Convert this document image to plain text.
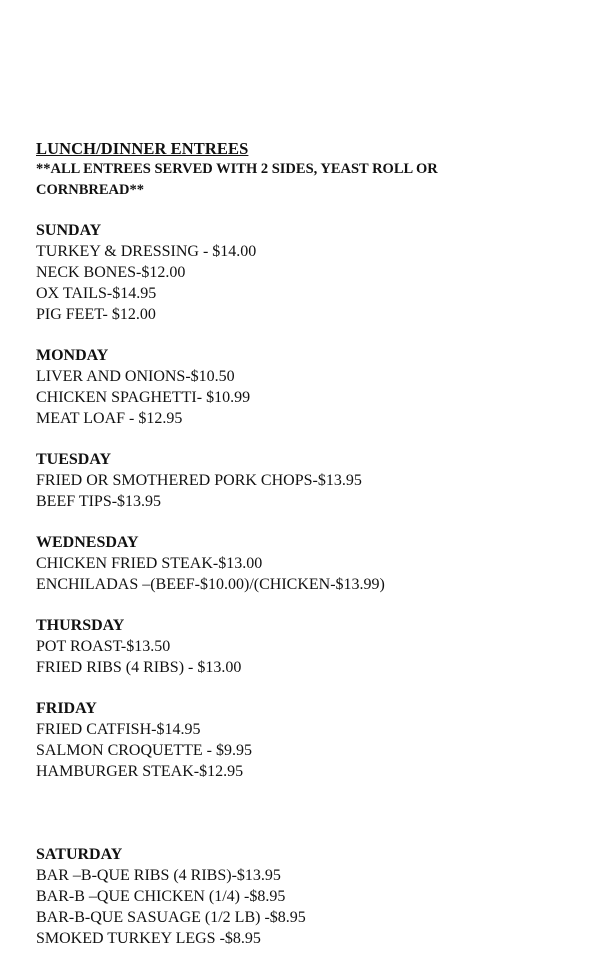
LUNCH/DINNER ENTREES

**ALL ENTREES SERVED WITH 2 SIDES, YEAST ROLL OR CORNBREAD**

SUNDAY

TURKEY & DRESSING - $14.00

NECK BONES-$12.00

OX TAILS-$14.95

PIG FEET- $12.00

MONDAY

LIVER AND ONIONS-$10.50

CHICKEN SPAGHETTI- $10.99

MEAT LOAF - $12.95

TUESDAY

FRIED OR SMOTHERED PORK CHOPS-$13.95

BEEF TIPS-$13.95

WEDNESDAY

CHICKEN FRIED STEAK-$13.00

ENCHILADAS –(BEEF-$10.00)/(CHICKEN-$13.99)

THURSDAY

POT ROAST-$13.50

FRIED RIBS (4 RIBS) - $13.00

FRIDAY

FRIED CATFISH-$14.95

SALMON CROQUETTE - $9.95

HAMBURGER STEAK-$12.95

SATURDAY

BAR –B-QUE RIBS (4 RIBS)-$13.95

BAR-B –QUE CHICKEN (1/4) -$8.95

BAR-B-QUE SASUAGE (1/2 LB) -$8.95

SMOKED TURKEY LEGS -$8.95
